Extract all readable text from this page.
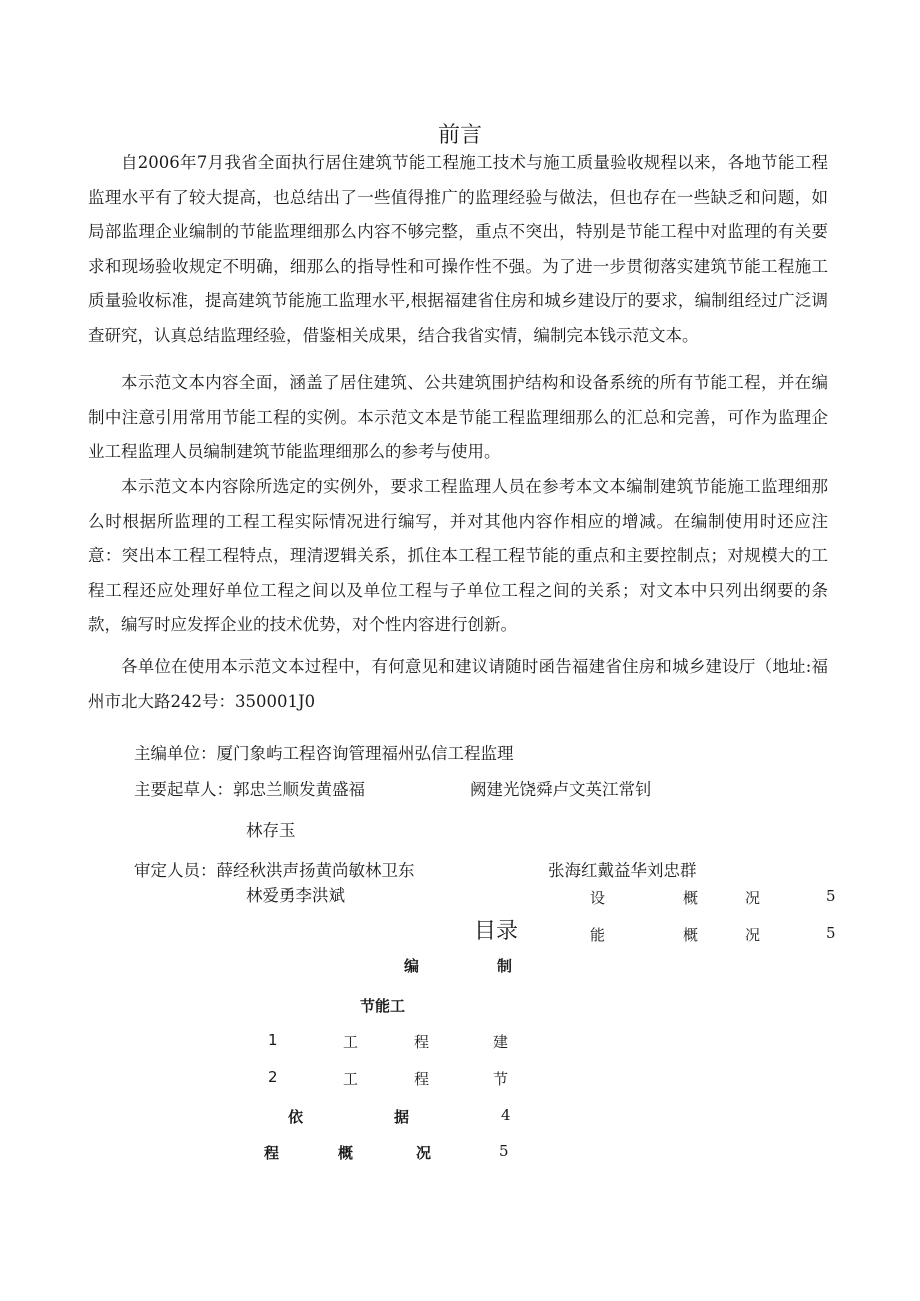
前言

自2006年7月我省全面执行居住建筑节能工程施工技术与施工质量验收规程以来，各地节能工程监理水平有了较大提高，也总结出了一些值得推广的监理经验与做法，但也存在一些缺乏和问题，如局部监理企业编制的节能监理细那么内容不够完整，重点不突出，特别是节能工程中对监理的有关要求和现场验收规定不明确，细那么的指导性和可操作性不强。为了进一步贯彻落实建筑节能工程施工质量验收标准，提高建筑节能施工监理水平,根据福建省住房和城乡建设厅的要求，编制组经过广泛调查研究，认真总结监理经验，借鉴相关成果，结合我省实情，编制完本钱示范文本。

本示范文本内容全面，涵盖了居住建筑、公共建筑围护结构和设备系统的所有节能工程，并在编制中注意引用常用节能工程的实例。本示范文本是节能工程监理细那么的汇总和完善，可作为监理企业工程监理人员编制建筑节能监理细那么的参考与使用。

本示范文本内容除所选定的实例外，要求工程监理人员在参考本文本编制建筑节能施工监理细那么时根据所监理的工程工程实际情况进行编写，并对其他内容作相应的增减。在编制使用时还应注意：突出本工程工程特点，理清逻辑关系，抓住本工程工程节能的重点和主要控制点；对规模大的工程工程还应处理好单位工程之间以及单位工程与子单位工程之间的关系；对文本中只列出纲要的条款，编写时应发挥企业的技术优势，对个性内容进行创新。

各单位在使用本示范文本过程中，有何意见和建议请随时函告福建省住房和城乡建设厅（地址:福州市北大路242号：350001J0

主编单位：厦门象屿工程咨询管理福州弘信工程监理
主要起草人：郭忠兰顺发黄盛福	阙建光饶舜卢文英江常钊
林存玉
审定人员：薛经秋洪声扬黄尚敏林卫东	张海红戴益华刘忠群
林爱勇李洪斌
目录
设	概	况	5
能	概	况	5
编	制
节能工
1	工	程	建
2	工	程	节
依	据	4
程	概	况	5
